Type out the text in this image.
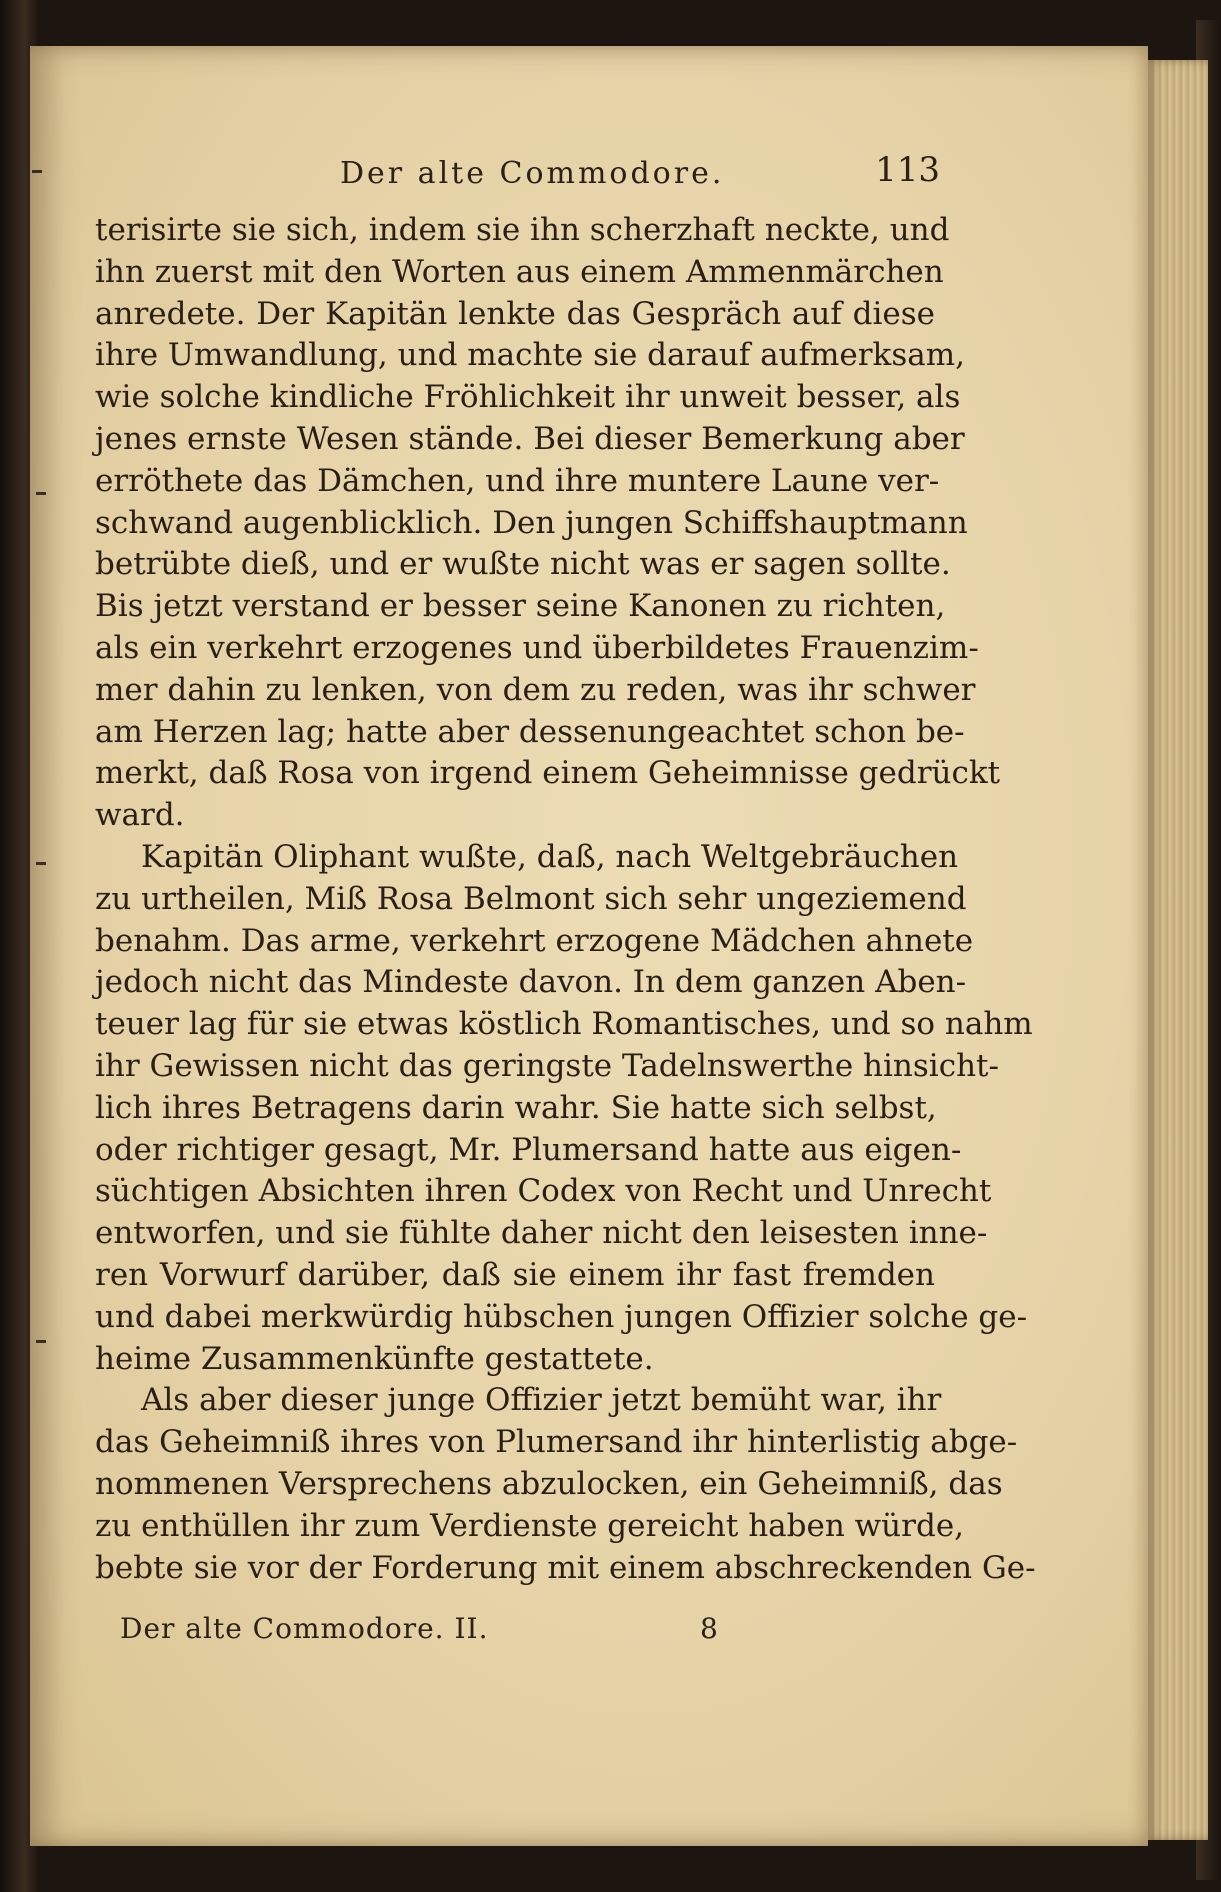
Der alte Commodore.	113
terisirte sie sich, indem sie ihn scherzhaft neckte, und
ihn zuerst mit den Worten aus einem Ammenmärchen
anredete. Der Kapitän lenkte das Gespräch auf diese
ihre Umwandlung, und machte sie darauf aufmerksam,
wie solche kindliche Fröhlichkeit ihr unweit besser, als
jenes ernste Wesen stände. Bei dieser Bemerkung aber
erröthete das Dämchen, und ihre muntere Laune ver-
schwand augenblicklich. Den jungen Schiffshauptmann
betrübte dieß, und er wußte nicht was er sagen sollte.
Bis jetzt verstand er besser seine Kanonen zu richten,
als ein verkehrt erzogenes und überbildetes Frauenzim-
mer dahin zu lenken, von dem zu reden, was ihr schwer
am Herzen lag; hatte aber dessenungeachtet schon be-
merkt, daß Rosa von irgend einem Geheimnisse gedrückt
ward.
Kapitän Oliphant wußte, daß, nach Weltgebräuchen
zu urtheilen, Miß Rosa Belmont sich sehr ungeziemend
benahm. Das arme, verkehrt erzogene Mädchen ahnete
jedoch nicht das Mindeste davon. In dem ganzen Aben-
teuer lag für sie etwas köstlich Romantisches, und so nahm
ihr Gewissen nicht das geringste Tadelnswerthe hinsicht-
lich ihres Betragens darin wahr. Sie hatte sich selbst,
oder richtiger gesagt, Mr. Plumersand hatte aus eigen-
süchtigen Absichten ihren Codex von Recht und Unrecht
entworfen, und sie fühlte daher nicht den leisesten inne-
ren Vorwurf darüber, daß sie einem ihr fast fremden
und dabei merkwürdig hübschen jungen Offizier solche ge-
heime Zusammenkünfte gestattete.
Als aber dieser junge Offizier jetzt bemüht war, ihr
das Geheimniß ihres von Plumersand ihr hinterlistig abge-
nommenen Versprechens abzulocken, ein Geheimniß, das
zu enthüllen ihr zum Verdienste gereicht haben würde,
bebte sie vor der Forderung mit einem abschreckenden Ge-
Der alte Commodore. II.	8
